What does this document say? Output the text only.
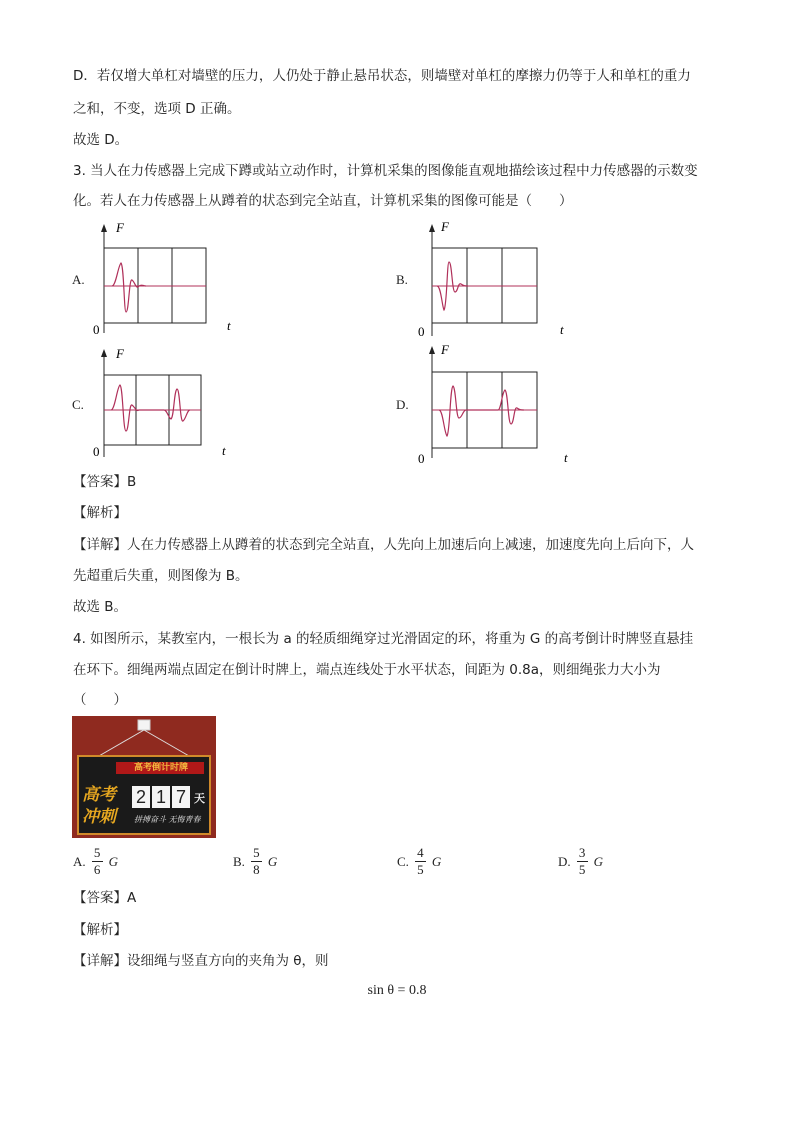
D．若仅增大单杠对墙壁的压力，人仍处于静止悬吊状态，则墙壁对单杠的摩擦力仍等于人和单杠的重力
之和，不变，选项 D 正确。
故选 D。
3. 当人在力传感器上完成下蹲或站立动作时，计算机采集的图像能直观地描绘该过程中力传感器的示数变
化。若人在力传感器上从蹲着的状态到完全站直，计算机采集的图像可能是（　　）
F
t
0
A.
F
t
0
B.
F
t
0
C.
F
t
0
D.
【答案】B
【解析】
【详解】人在力传感器上从蹲着的状态到完全站直，人先向上加速后向上减速，加速度先向上后向下，人
先超重后失重，则图像为 B。
故选 B。
4. 如图所示，某教室内，一根长为 a 的轻质细绳穿过光滑固定的环，将重为 G 的高考倒计时牌竖直悬挂
在环下。细绳两端点固定在倒计时牌上，端点连线处于水平状态，间距为 0.8a，则细绳张力大小为
（　　）
高考倒计时牌
高考
冲刺
2 1 7 天
拼搏奋斗 无悔青春
A. $\frac{5}{6}$ G	B. $\frac{5}{8}$ G	C. $\frac{4}{5}$ G	D. $\frac{3}{5}$ G
【答案】A
【解析】
【详解】设细绳与竖直方向的夹角为 θ，则
sin θ = 0.8
